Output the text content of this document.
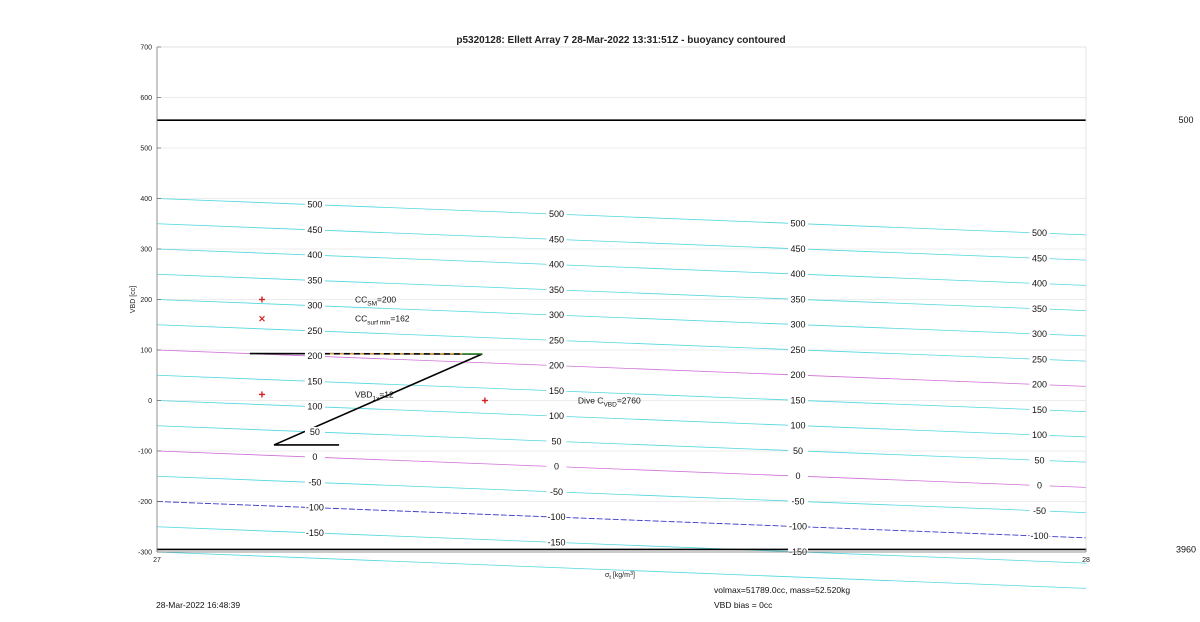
p5320128: Ellett Array 7 28-Mar-2022 13:31:51Z - buoyancy contoured
500
3960
$CC_{SM}=200$
$CC_{surf min}=162$
$VBD_{1x}=12$
Dive $C_{VBD}=2760$
-150
-100
-50
0
50
100
150
200
250
300
350
400
450
500
-150
-100
-50
0
50
100
150
200
250
300
350
400
450
500
-150
-100
-50
0
50
100
150
200
250
300
350
400
450
500
-100
-50
0
50
100
150
200
250
300
350
400
450
500
700
600
500
400
300
200
100
0
-100
-200
-300
27	28
VBD [cc]
$\sigma_t$ $[kg/m^3]$
volmax=51789.0cc, mass=52.520kg
VBD bias = 0cc
28-Mar-2022 16:48:39
